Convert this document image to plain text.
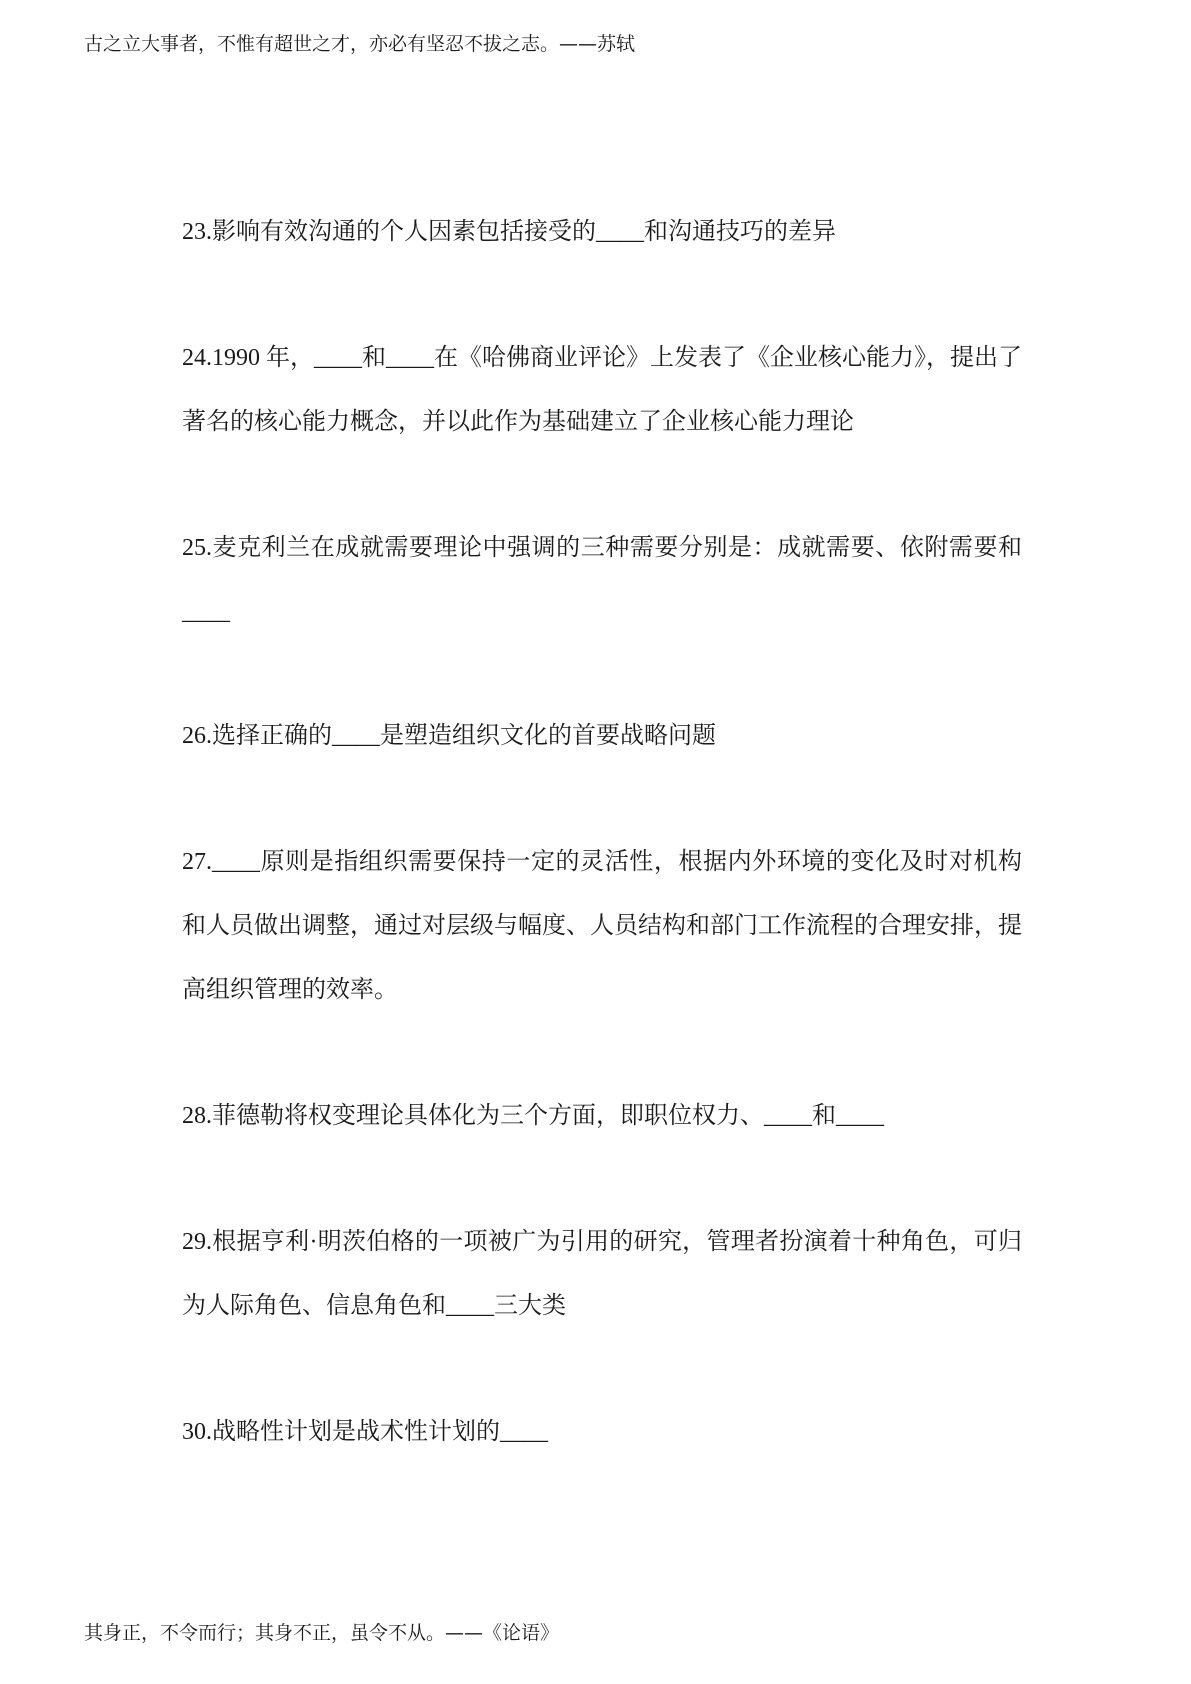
古之立大事者，不惟有超世之才，亦必有坚忍不拔之志。——苏轼

23.影响有效沟通的个人因素包括接受的____和沟通技巧的差异

24.1990 年，____和____在《哈佛商业评论》上发表了《企业核心能力》，提出了著名的核心能力概念，并以此作为基础建立了企业核心能力理论

25.麦克利兰在成就需要理论中强调的三种需要分别是：成就需要、依附需要和____

26.选择正确的____是塑造组织文化的首要战略问题

27.____原则是指组织需要保持一定的灵活性，根据内外环境的变化及时对机构和人员做出调整，通过对层级与幅度、人员结构和部门工作流程的合理安排，提高组织管理的效率。

28.菲德勒将权变理论具体化为三个方面，即职位权力、____和____

29.根据亨利·明茨伯格的一项被广为引用的研究，管理者扮演着十种角色，可归为人际角色、信息角色和____三大类

30.战略性计划是战术性计划的____

其身正，不令而行；其身不正，虽令不从。——《论语》
